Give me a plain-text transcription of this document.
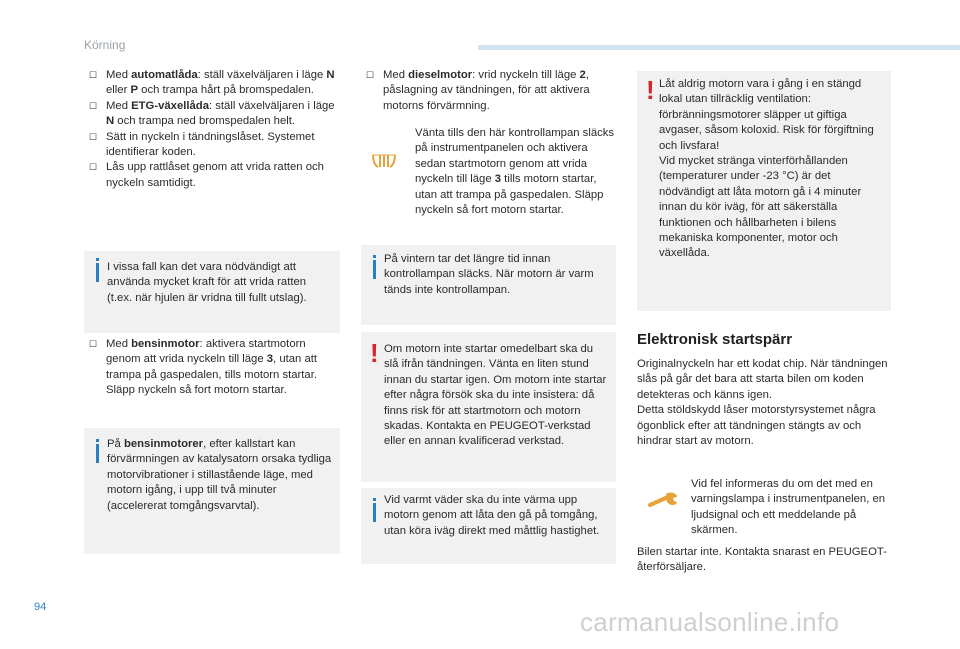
Körning
☐ Med automatlåda: ställ växelväljaren i läge N eller P och trampa hårt på bromspedalen.
☐ Med ETG-växellåda: ställ växelväljaren i läge N och trampa ned bromspedalen helt.
☐ Sätt in nyckeln i tändningslåset. Systemet identifierar koden.
☐ Lås upp rattlåset genom att vrida ratten och nyckeln samtidigt.
I vissa fall kan det vara nödvändigt att använda mycket kraft för att vrida ratten (t.ex. när hjulen är vridna till fullt utslag).
☐ Med bensinmotor: aktivera startmotorn genom att vrida nyckeln till läge 3, utan att trampa på gaspedalen, tills motorn startar. Släpp nyckeln så fort motorn startar.
På bensinmotorer, efter kallstart kan förvärmningen av katalysatorn orsaka tydliga motorvibrationer i stillastående läge, med motorn igång, i upp till två minuter (accelererat tomgångsvarvtal).
☐ Med dieselmotor: vrid nyckeln till läge 2, påslagning av tändningen, för att aktivera motorns förvärmning.
Vänta tills den här kontrollampan släcks på instrumentpanelen och aktivera sedan startmotorn genom att vrida nyckeln till läge 3 tills motorn startar, utan att trampa på gaspedalen. Släpp nyckeln så fort motorn startar.
På vintern tar det längre tid innan kontrollampan släcks. När motorn är varm tänds inte kontrollampan.
! Om motorn inte startar omedelbart ska du slå ifrån tändningen. Vänta en liten stund innan du startar igen. Om motorn inte startar efter några försök ska du inte insistera: då finns risk för att startmotorn och motorn skadas. Kontakta en PEUGEOT-verkstad eller en annan kvalificerad verkstad.
Vid varmt väder ska du inte värma upp motorn genom att låta den gå på tomgång, utan köra iväg direkt med måttlig hastighet.
! Låt aldrig motorn vara i gång i en stängd lokal utan tillräcklig ventilation: förbränningsmotorer släpper ut giftiga avgaser, såsom koloxid. Risk för förgiftning och livsfara!
Vid mycket stränga vinterförhållanden (temperaturer under -23 °C) är det nödvändigt att låta motorn gå i 4 minuter innan du kör iväg, för att säkerställa funktionen och hållbarheten i bilens mekaniska komponenter, motor och växellåda.
Elektronisk startspärr
Originalnyckeln har ett kodat chip. När tändningen slås på går det bara att starta bilen om koden detekteras och känns igen.
Detta stöldskydd låser motorstyrsystemet några ögonblick efter att tändningen stängts av och hindrar start av motorn.
Vid fel informeras du om det med en varningslampa i instrumentpanelen, en ljudsignal och ett meddelande på skärmen.
Bilen startar inte. Kontakta snarast en PEUGEOT-återförsäljare.
94	carmanualsonline.info
